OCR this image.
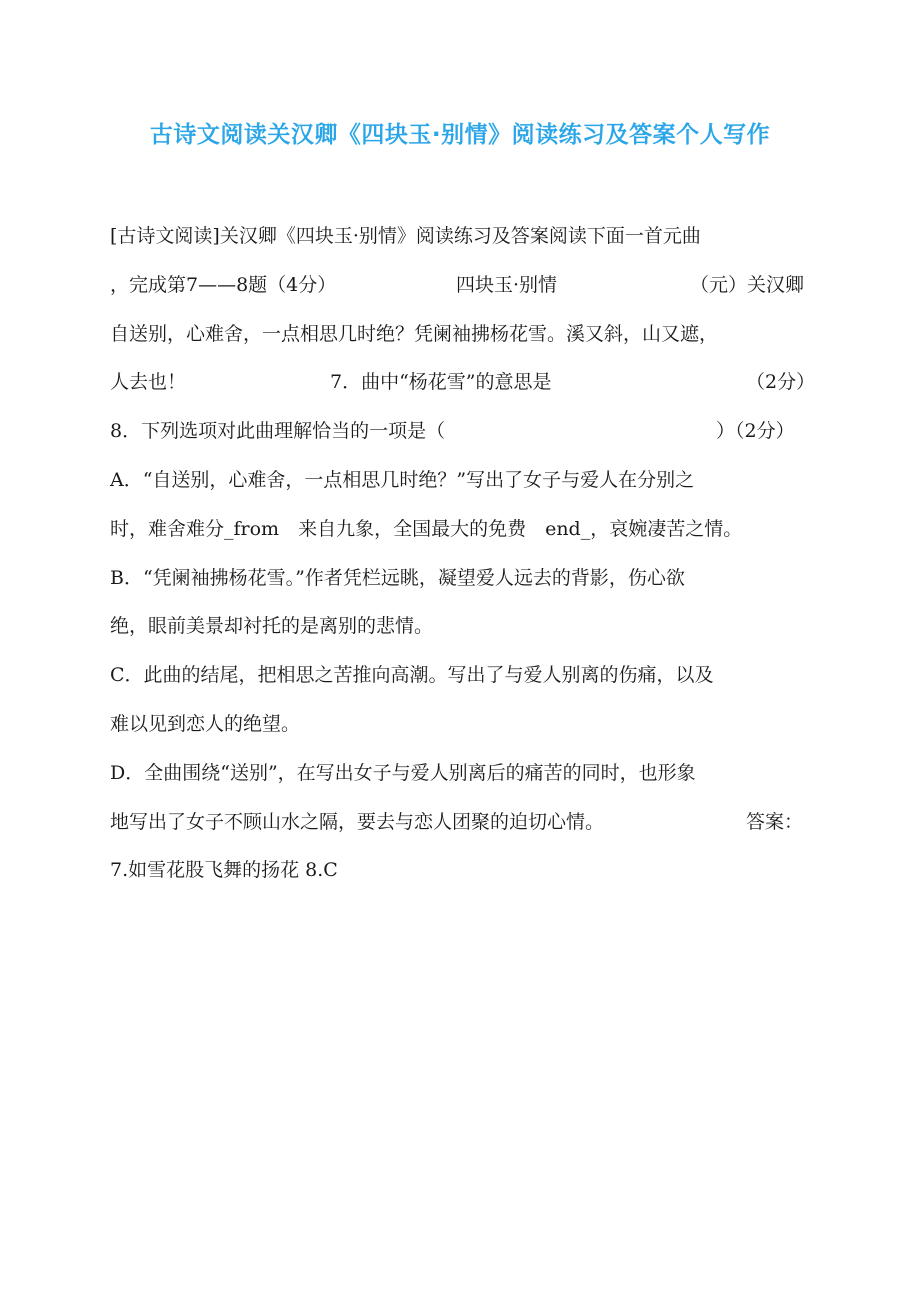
古诗文阅读关汉卿《四块玉·别情》阅读练习及答案个人写作
[古诗文阅读]关汉卿《四块玉·别情》阅读练习及答案阅读下面一首元曲
，完成第7——8题（4分）	四块玉·别情	（元）关汉卿
自送别，心难舍，一点相思几时绝？凭阑袖拂杨花雪。溪又斜，山又遮，
人去也！	7．曲中“杨花雪”的意思是	（2分）
8．下列选项对此曲理解恰当的一项是（	）（2分）
A．“自送别，心难舍，一点相思几时绝？”写出了女子与爱人在分别之
时，难舍难分_from　来自九象，全国最大的免费　end_，哀婉凄苦之情。
B．“凭阑袖拂杨花雪。”作者凭栏远眺，凝望爱人远去的背影，伤心欲
绝，眼前美景却衬托的是离别的悲情。
C．此曲的结尾，把相思之苦推向高潮。写出了与爱人别离的伤痛，以及
难以见到恋人的绝望。
D．全曲围绕“送别”，在写出女子与爱人别离后的痛苦的同时，也形象
地写出了女子不顾山水之隔，要去与恋人团聚的迫切心情。	答案：
7.如雪花股飞舞的扬花 8.C
